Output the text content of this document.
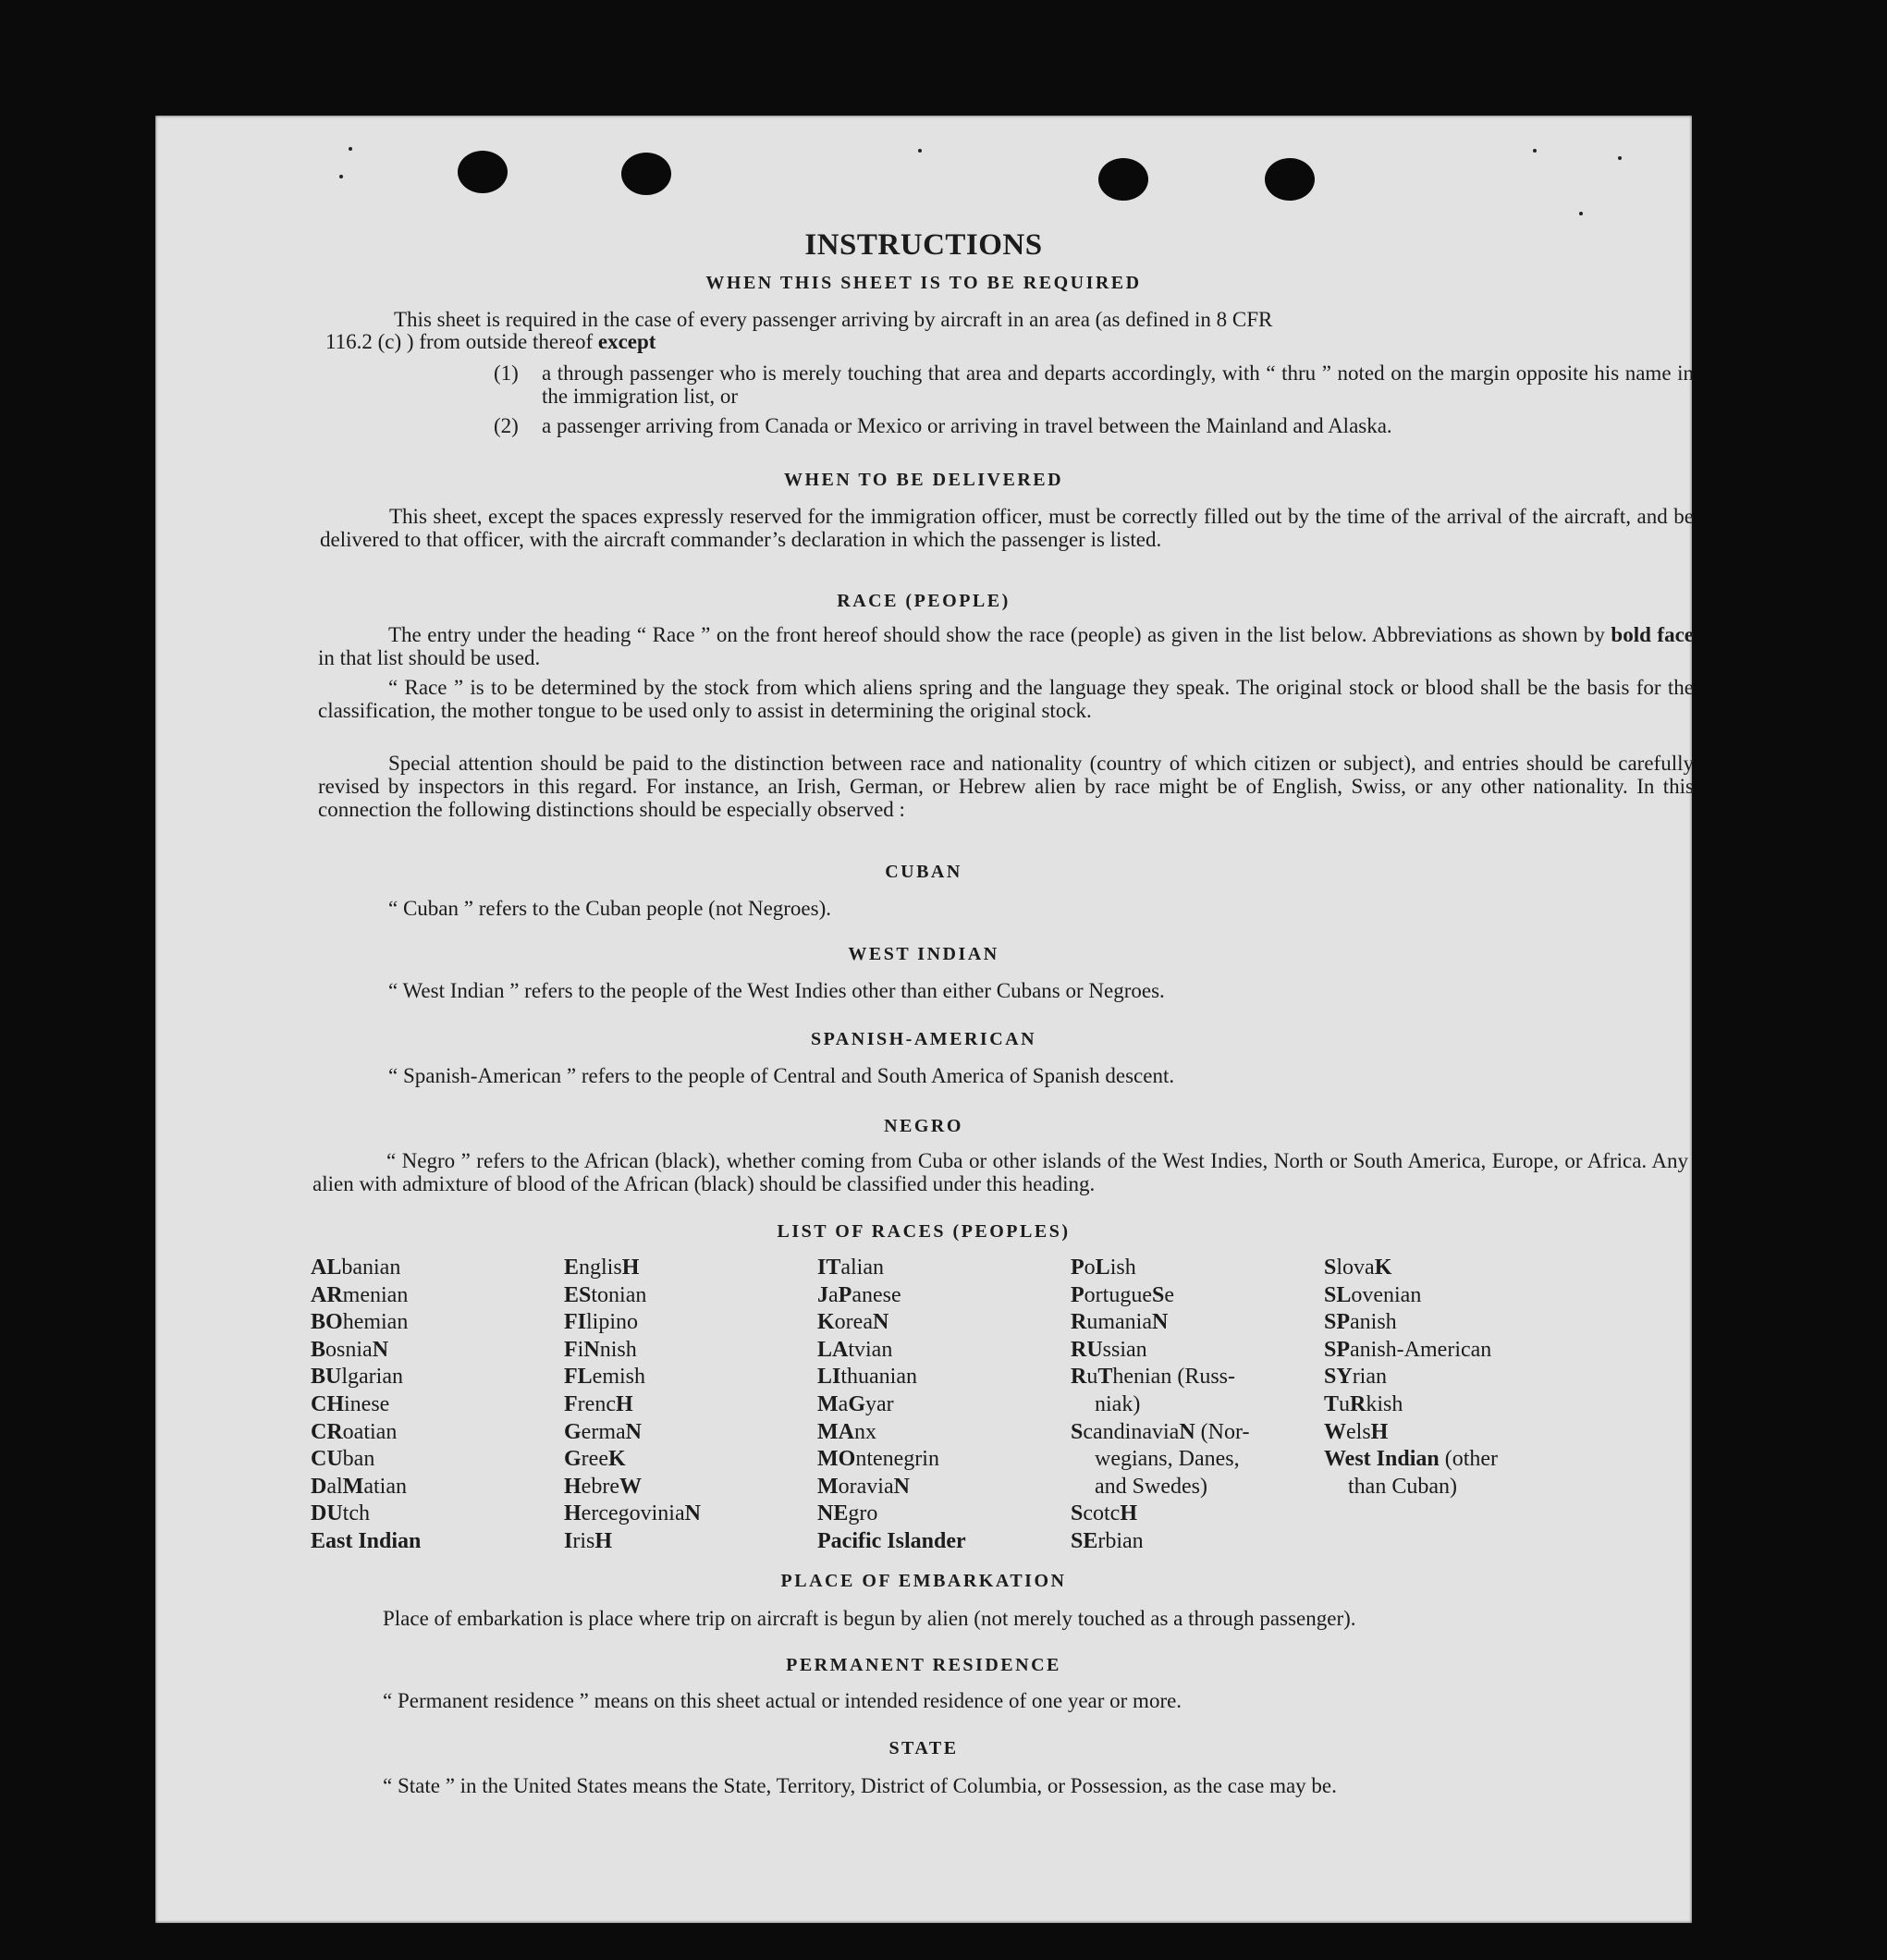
INSTRUCTIONS
WHEN THIS SHEET IS TO BE REQUIRED
This sheet is required in the case of every passenger arriving by aircraft in an area (as defined in 8 CFR
116.2 (c) ) from outside thereof except
(1) a through passenger who is merely touching that area and departs accordingly, with “ thru ” noted on the margin opposite his name in the immigration list, or
(2) a passenger arriving from Canada or Mexico or arriving in travel between the Mainland and Alaska.
WHEN TO BE DELIVERED
This sheet, except the spaces expressly reserved for the immigration officer, must be correctly filled out by the time of the arrival of the aircraft, and be delivered to that officer, with the aircraft commander’s declaration in which the passenger is listed.
RACE (PEOPLE)
The entry under the heading “ Race ” on the front hereof should show the race (people) as given in the list below. Abbreviations as shown by bold face in that list should be used.
“ Race ” is to be determined by the stock from which aliens spring and the language they speak. The original stock or blood shall be the basis for the classification, the mother tongue to be used only to assist in determining the original stock.
Special attention should be paid to the distinction between race and nationality (country of which citizen or subject), and entries should be carefully revised by inspectors in this regard. For instance, an Irish, German, or Hebrew alien by race might be of English, Swiss, or any other nationality. In this connection the following distinctions should be especially observed :
CUBAN
“ Cuban ” refers to the Cuban people (not Negroes).
WEST INDIAN
“ West Indian ” refers to the people of the West Indies other than either Cubans or Negroes.
SPANISH-AMERICAN
“ Spanish-American ” refers to the people of Central and South America of Spanish descent.
NEGRO
“ Negro ” refers to the African (black), whether coming from Cuba or other islands of the West Indies, North or South America, Europe, or Africa. Any alien with admixture of blood of the African (black) should be classified under this heading.
LIST OF RACES (PEOPLES)
ALbanian
ARmenian
BOhemian
BosniaN
BUlgarian
CHinese
CRoatian
CUban
DalMatian
DUtch
East Indian
EnglisH
EStonian
FIlipino
FiNnish
FLemish
FrencH
GermaN
GreeK
HebreW
HercegoviniaN
IrisH
ITalian
JaPanese
KoreaN
LAtvian
LIthuanian
MaGyar
MAnx
MOntenegrin
MoraviaN
NEgro
Pacific Islander
PoLish
PortugueSe
RumaniaN
RUssian
RuThenian (Russ-
niak)
ScandinaviaN (Nor-
wegians, Danes,
and Swedes)
ScotcH
SErbian
SlovaK
SLovenian
SPanish
SPanish-American
SYrian
TuRkish
WelsH
West Indian (other
than Cuban)
PLACE OF EMBARKATION
Place of embarkation is place where trip on aircraft is begun by alien (not merely touched as a through passenger).
PERMANENT RESIDENCE
“ Permanent residence ” means on this sheet actual or intended residence of one year or more.
STATE
“ State ” in the United States means the State, Territory, District of Columbia, or Possession, as the case may be.
